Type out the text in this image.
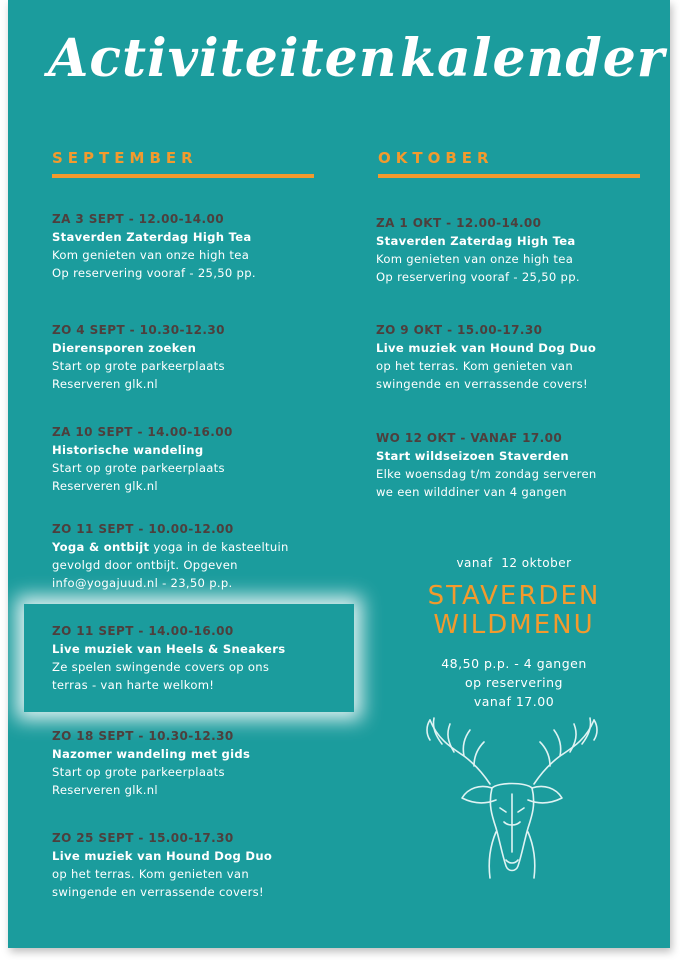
Activiteiten kalender
SEPTEMBER	OKTOBER
ZA 3 SEPT - 12.00-14.00
Staverden Zaterdag High Tea
Kom genieten van onze high tea
Op reservering vooraf - 25,50 pp.
ZO 4 SEPT - 10.30-12.30
Dierensporen zoeken
Start op grote parkeerplaats
Reserveren glk.nl
ZA 10 SEPT - 14.00-16.00
Historische wandeling
Start op grote parkeerplaats
Reserveren glk.nl
ZO 11 SEPT - 10.00-12.00
Yoga & ontbijt yoga in de kasteeltuin
gevolgd door ontbijt. Opgeven
info@yogajuud.nl - 23,50 p.p.
ZO 11 SEPT - 14.00-16.00
Live muziek van Heels & Sneakers
Ze spelen swingende covers op ons
terras - van harte welkom!
ZO 18 SEPT - 10.30-12.30
Nazomer wandeling met gids
Start op grote parkeerplaats
Reserveren glk.nl
ZO 25 SEPT - 15.00-17.30
Live muziek van Hound Dog Duo
op het terras. Kom genieten van
swingende en verrassende covers!
ZA 1 OKT - 12.00-14.00
Staverden Zaterdag High Tea
Kom genieten van onze high tea
Op reservering vooraf - 25,50 pp.
ZO 9 OKT - 15.00-17.30
Live muziek van Hound Dog Duo
op het terras. Kom genieten van
swingende en verrassende covers!
WO 12 OKT - VANAF 17.00
Start wildseizoen Staverden
Elke woensdag t/m zondag serveren
we een wilddiner van 4 gangen
vanaf  12 oktober
STAVERDEN
WILDMENU
48,50 p.p. - 4 gangen
op reservering
vanaf 17.00
